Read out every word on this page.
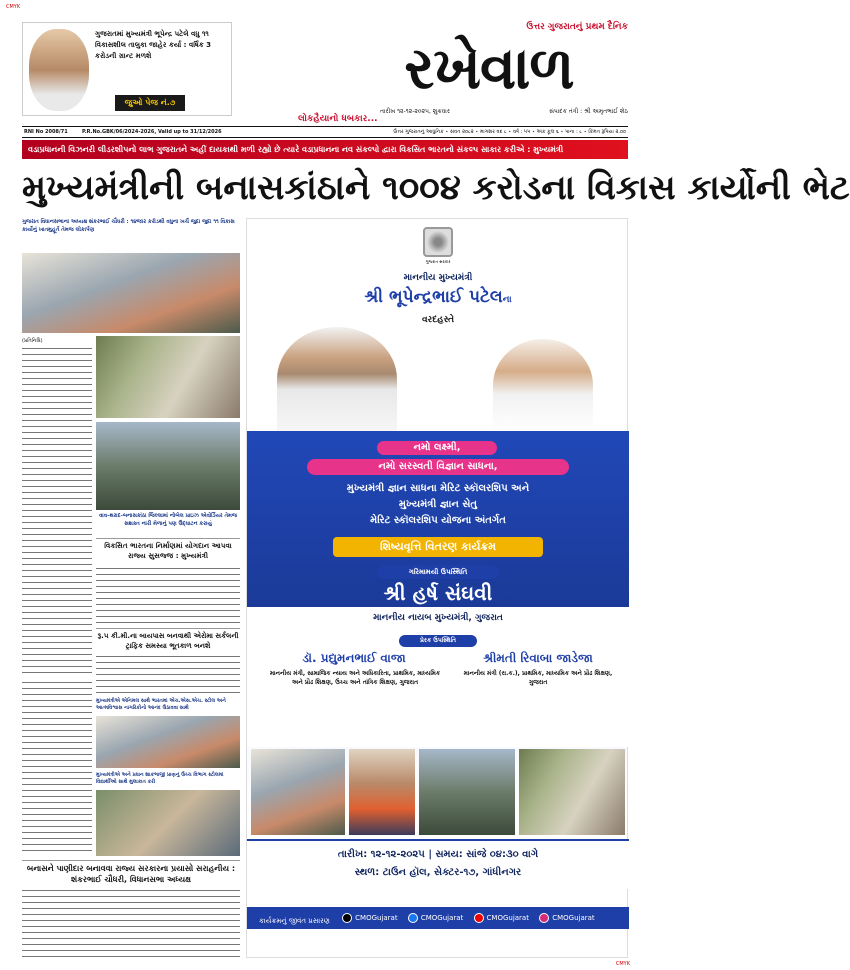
CMYK
CMYK
ગુજરાતમાં મુખ્યમંત્રી ભૂપેન્દ્ર પટેલે વધુ ૧૧ વિકાસશીલ તાલુકા જાહેર કર્યા : વર્ષિક 3 કરોડની ગ્રાન્ટ મળશે
જુઓ પેજ નં.૭
ઉત્તર ગુજરાતનું પ્રથમ દૈનિક
રખેવાળ
તારીખ ૧૨-૧૨-૨૦૨૫, શુક્રવાર	સંપાદક તંત્રી : શ્રી અમૃતભાઈ શેઠ
લોકહૈયાનો ધબકાર...
RNI No 2008/71	P.R.No.GBK/06/2024-2026, Valid up to 31/12/2026	ઉત્તર ગુજરાતનું આધુનિક ⋆ સંવત ૨૦૮૨ ⋆ માગશર વદ ૮ ⋆ વર્ષ : ૫૫ ⋆ અંક કૂલ ૬ ⋆ પાના : ૮ ⋆ કિંમત રૂપિયા ૨.૦૦
વડાપ્રધાનની વિઝનરી લીડરશીપનો લાભ ગુજરાતને અહીં દાયકાથી મળી રહ્યો છે ત્યારે વડાપ્રધાનના નવ સંકલ્પો દ્વારા વિકસિત ભારતનો સંકલ્પ સાકાર કરીએ : મુખ્યમંત્રી
મુખ્યમંત્રીની બનાસકાંઠાને ૧૦૦૪ કરોડના વિકાસ કાર્યોની ભેટ
ગુજરાત વિધાનસભાના અધ્યક્ષ શંકરભાઈ ચૌધરી : ૧૪જાર કરોડથી વધુના ખર્ચે જુદા જુદા ૧૧ વિકાસ કાર્યોનું ખાતમુહૂર્ત તેમજ લોકાર્પણ
(પ્રતિનિધિ)
વાવ-થરાદ-બનાસકાંઠા જિલ્લામાં નોબેલ પ્રાઇઝ એવોર્ડિયર તેમજ સશક્ત નારી મેળાનું પણ ઉદ્ઘાટન કરાયું
વિકસિત ભારતના નિર્માણમાં યોગદાન આપવા રાજ્ય સુસજ્જ : મુખ્યમંત્રી
રૂ.૫ કી.મી.ના બાયપાસ બનવાથી એરોમા સર્કલની ટ્રાફિક સમસ્યા ભૂતકાળ બનશે
મુખ્યમંત્રીએ એનિમલ સાથે ભારતમાં એચ.એસ.એચ. સ્ટોલ અને આત્મવિશ્વાસ નાગરિકોનો આનંદ ઉઠાવવા સાથે
મુખ્યમંત્રીએ અને પ્રધાન શાકભાજી પ્રાણનું ઉચ્ચ વિભાગ સ્ટોલમાં વિદ્યાર્થીઓ સાથે મુલાકાત કરી
બનાસને પાણીદાર બનાવવા રાજ્ય સરકારના પ્રયાસો સરાહનીય : શંકરભાઈ ચૌધરી, વિધાનસભા અધ્યક્ષ
ગુજરાત સરકાર
માનનીય મુખ્યમંત્રી
શ્રી ભૂપેન્દ્રભાઈ પટેલના
વરદહસ્તે
નમો લક્ષ્મી,
નમો સરસ્વતી વિજ્ઞાન સાધના,
મુખ્યમંત્રી જ્ઞાન સાધના મેરિટ સ્કૉલરશિપ અને
મુખ્યમંત્રી જ્ઞાન સેતુ
મેરિટ સ્કૉલરશિપ યોજના અંતર્ગત
શિષ્યવૃત્તિ વિતરણ કાર્યક્રમ
ગરિમામયી ઉપસ્થિતિ
શ્રી હર્ષ સંઘવી
માનનીય નાયબ મુખ્યમંત્રી, ગુજરાત
પ્રેરક ઉપસ્થિતિ
ડૉ. પ્રદ્યુમનભાઈ વાજા
માનનીય મંત્રી, સામાજિક ન્યાય અને અધિકારિતા, પ્રાથમિક, માધ્યમિક અને પ્રૌઢ શિક્ષણ, ઉચ્ચ અને તાંત્રિક શિક્ષણ, ગુજરાત
શ્રીમતી રિવાબા જાડેજા
માનનીય મંત્રી (રા.ક.), પ્રાથમિક, માધ્યમિક અને પ્રૌઢ શિક્ષણ, ગુજરાત
તારીખ: ૧૨-૧૨-૨૦૨૫ | સમય: સાંજે ૦૪:૩૦ વાગે
સ્થળ: ટાઉન હૉલ, સેક્ટર-૧૭, ગાંધીનગર
કાર્યક્રમનું જીવંત પ્રસારણ	CMOGujarat
	CMOGujarat
	CMOGujarat
	CMOGujarat
